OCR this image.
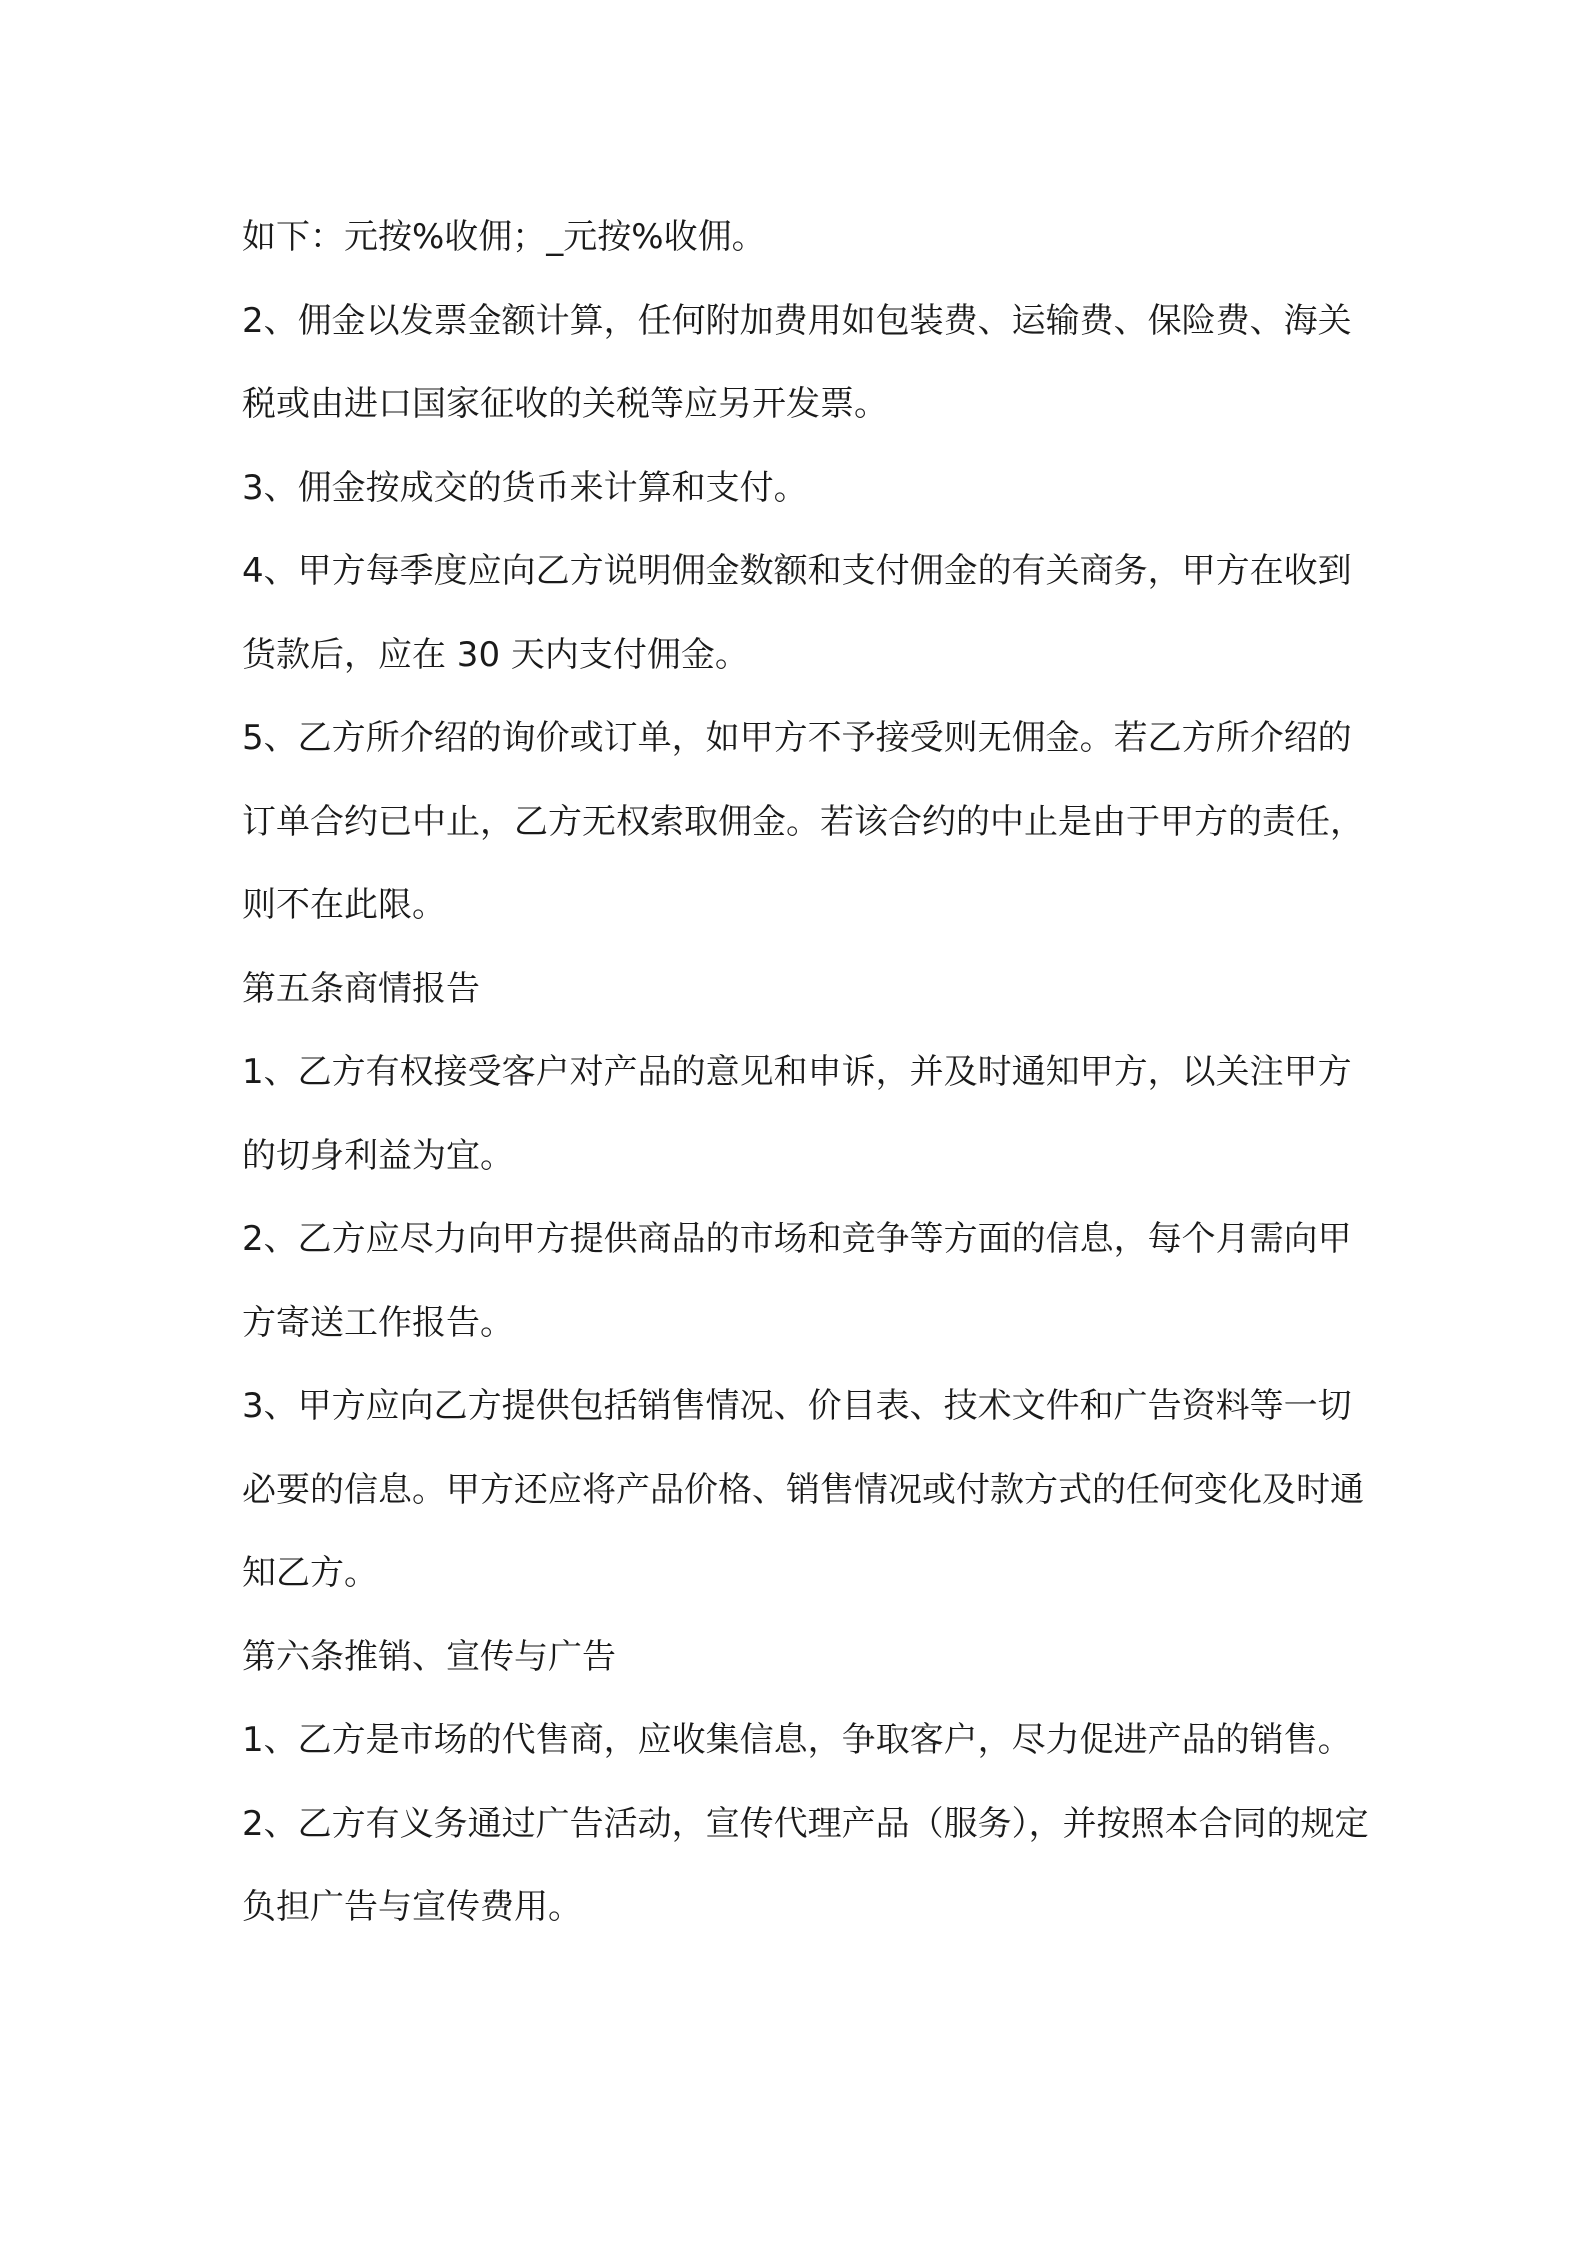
如下：元按%收佣；_元按%收佣。

2、佣金以发票金额计算，任何附加费用如包装费、运输费、保险费、海关税或由进口国家征收的关税等应另开发票。

3、佣金按成交的货币来计算和支付。

4、甲方每季度应向乙方说明佣金数额和支付佣金的有关商务，甲方在收到货款后，应在 30 天内支付佣金。

5、乙方所介绍的询价或订单，如甲方不予接受则无佣金。若乙方所介绍的订单合约已中止，乙方无权索取佣金。若该合约的中止是由于甲方的责任，则不在此限。

第五条商情报告

1、乙方有权接受客户对产品的意见和申诉，并及时通知甲方，以关注甲方的切身利益为宜。

2、乙方应尽力向甲方提供商品的市场和竞争等方面的信息，每个月需向甲方寄送工作报告。

3、甲方应向乙方提供包括销售情况、价目表、技术文件和广告资料等一切必要的信息。甲方还应将产品价格、销售情况或付款方式的任何变化及时通知乙方。

第六条推销、宣传与广告

1、乙方是市场的代售商，应收集信息，争取客户，尽力促进产品的销售。

2、乙方有义务通过广告活动，宣传代理产品（服务），并按照本合同的规定负担广告与宣传费用。
